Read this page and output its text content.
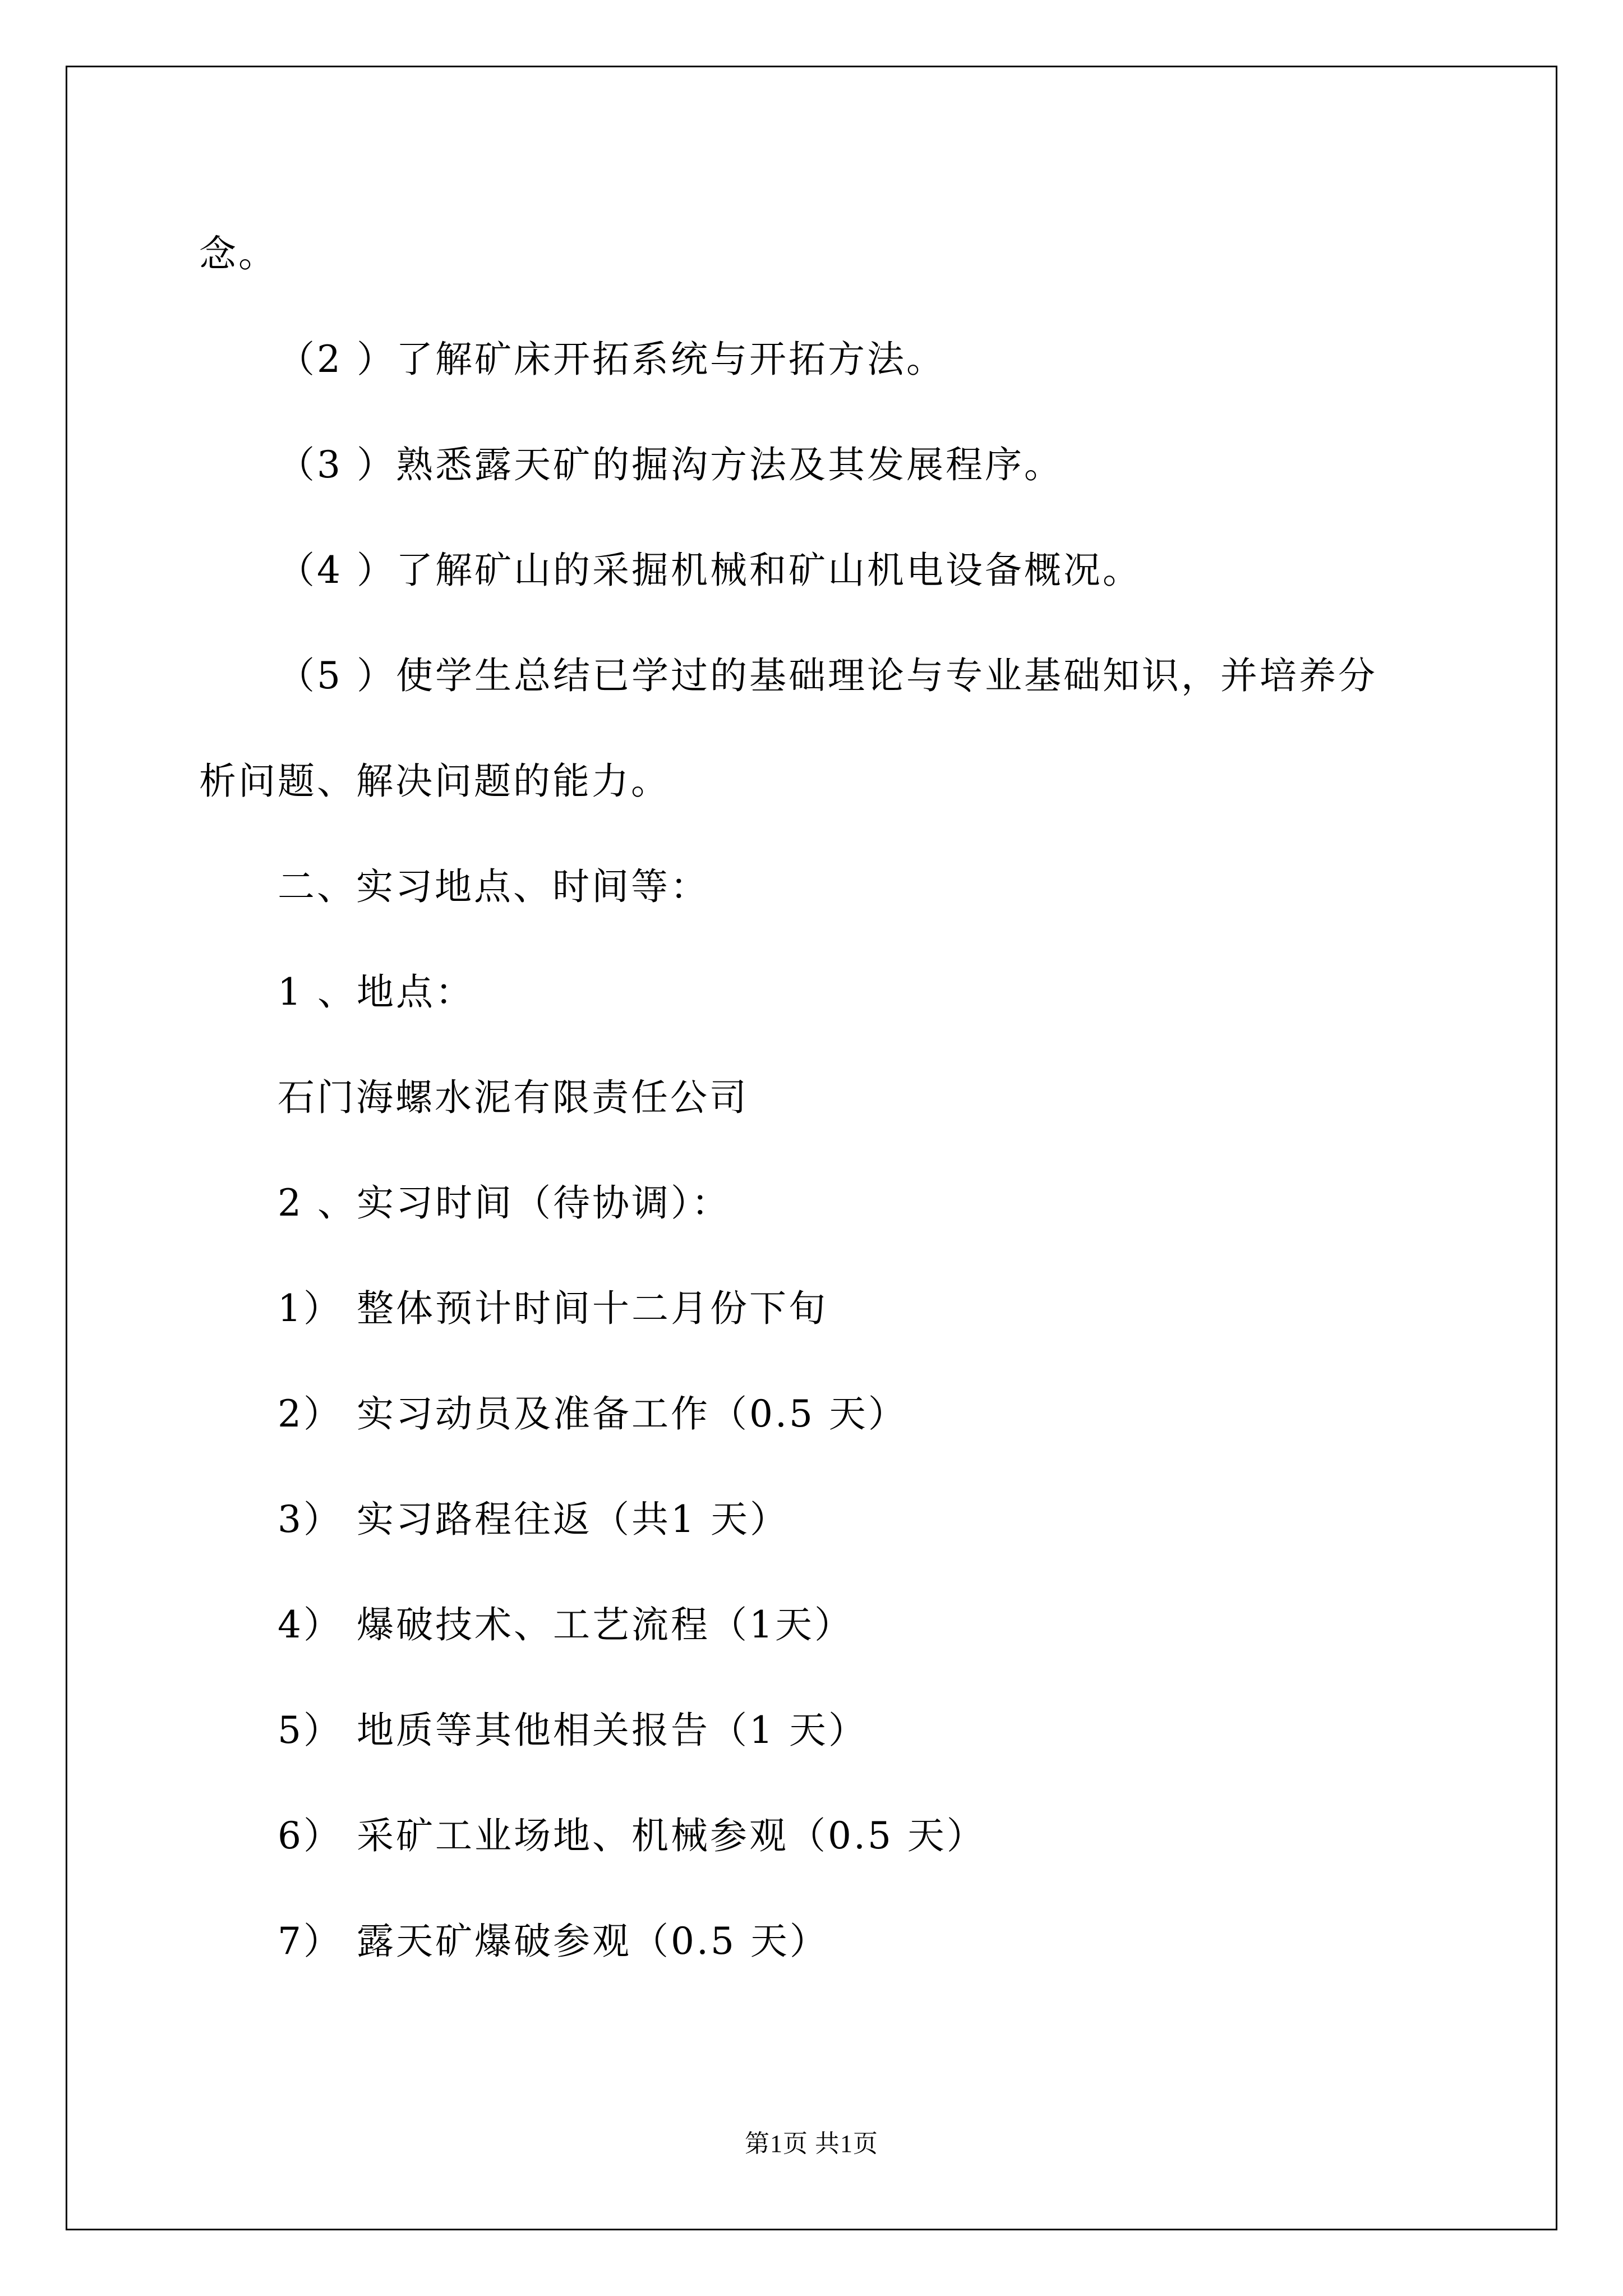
念。
（2 ）了解矿床开拓系统与开拓方法。
（3 ）熟悉露天矿的掘沟方法及其发展程序。
（4 ）了解矿山的采掘机械和矿山机电设备概况。
（5 ）使学生总结已学过的基础理论与专业基础知识，并培养分
析问题、解决问题的能力。
二、实习地点、时间等：
1 、地点：
石门海螺水泥有限责任公司
2 、实习时间（待协调）：
1） 整体预计时间十二月份下旬
2） 实习动员及准备工作（0.5 天）
3） 实习路程往返（共1 天）
4） 爆破技术、工艺流程（1天）
5） 地质等其他相关报告（1 天）
6） 采矿工业场地、机械参观（0.5 天）
7） 露天矿爆破参观（0.5 天）
第1页 共1页
